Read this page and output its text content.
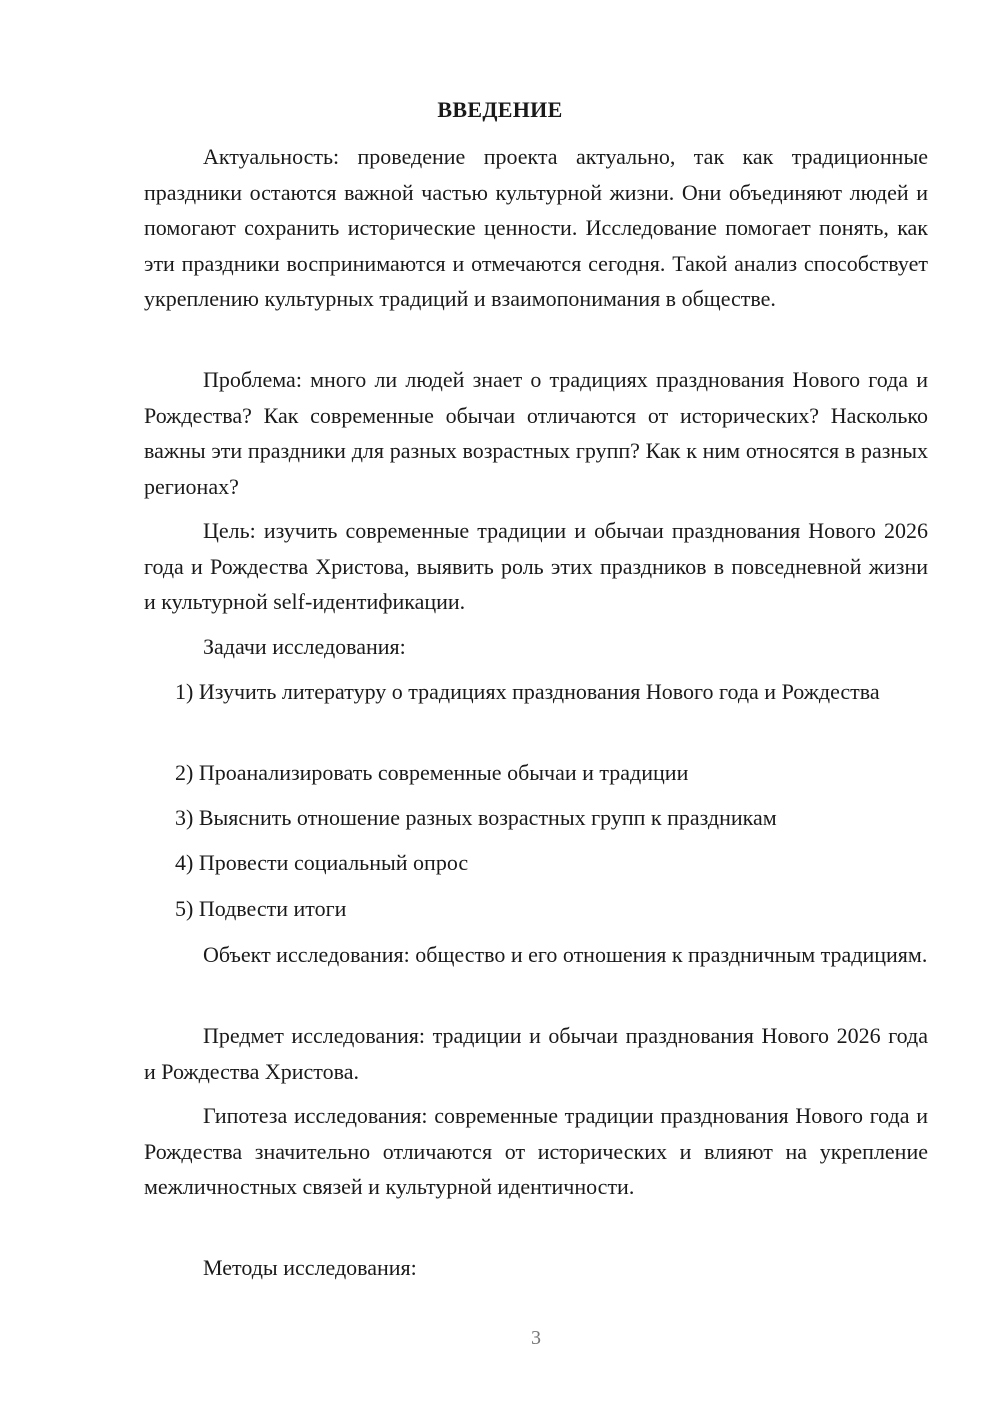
ВВЕДЕНИЕ

Актуальность: проведение проекта актуально, так как традиционные праздники остаются важной частью культурной жизни. Они объединяют людей и помогают сохранить исторические ценности. Исследование помогает понять, как эти праздники воспринимаются и отмечаются сегодня. Такой анализ способствует укреплению культурных традиций и взаимопонимания в обществе.

Проблема: много ли людей знает о традициях празднования Нового года и Рождества? Как современные обычаи отличаются от исторических? Насколько важны эти праздники для разных возрастных групп? Как к ним относятся в разных регионах?

Цель: изучить современные традиции и обычаи празднования Нового 2026 года и Рождества Христова, выявить роль этих праздников в повседневной жизни и культурной self-идентификации.

Задачи исследования:

1) Изучить литературу о традициях празднования Нового года и Рождества

2) Проанализировать современные обычаи и традиции

3) Выяснить отношение разных возрастных групп к праздникам

4) Провести социальный опрос

5) Подвести итоги

Объект исследования: общество и его отношения к праздничным традициям.

Предмет исследования: традиции и обычаи празднования Нового 2026 года и Рождества Христова.

Гипотеза исследования: современные традиции празднования Нового года и Рождества значительно отличаются от исторических и влияют на укрепление межличностных связей и культурной идентичности.

Методы исследования:

3
